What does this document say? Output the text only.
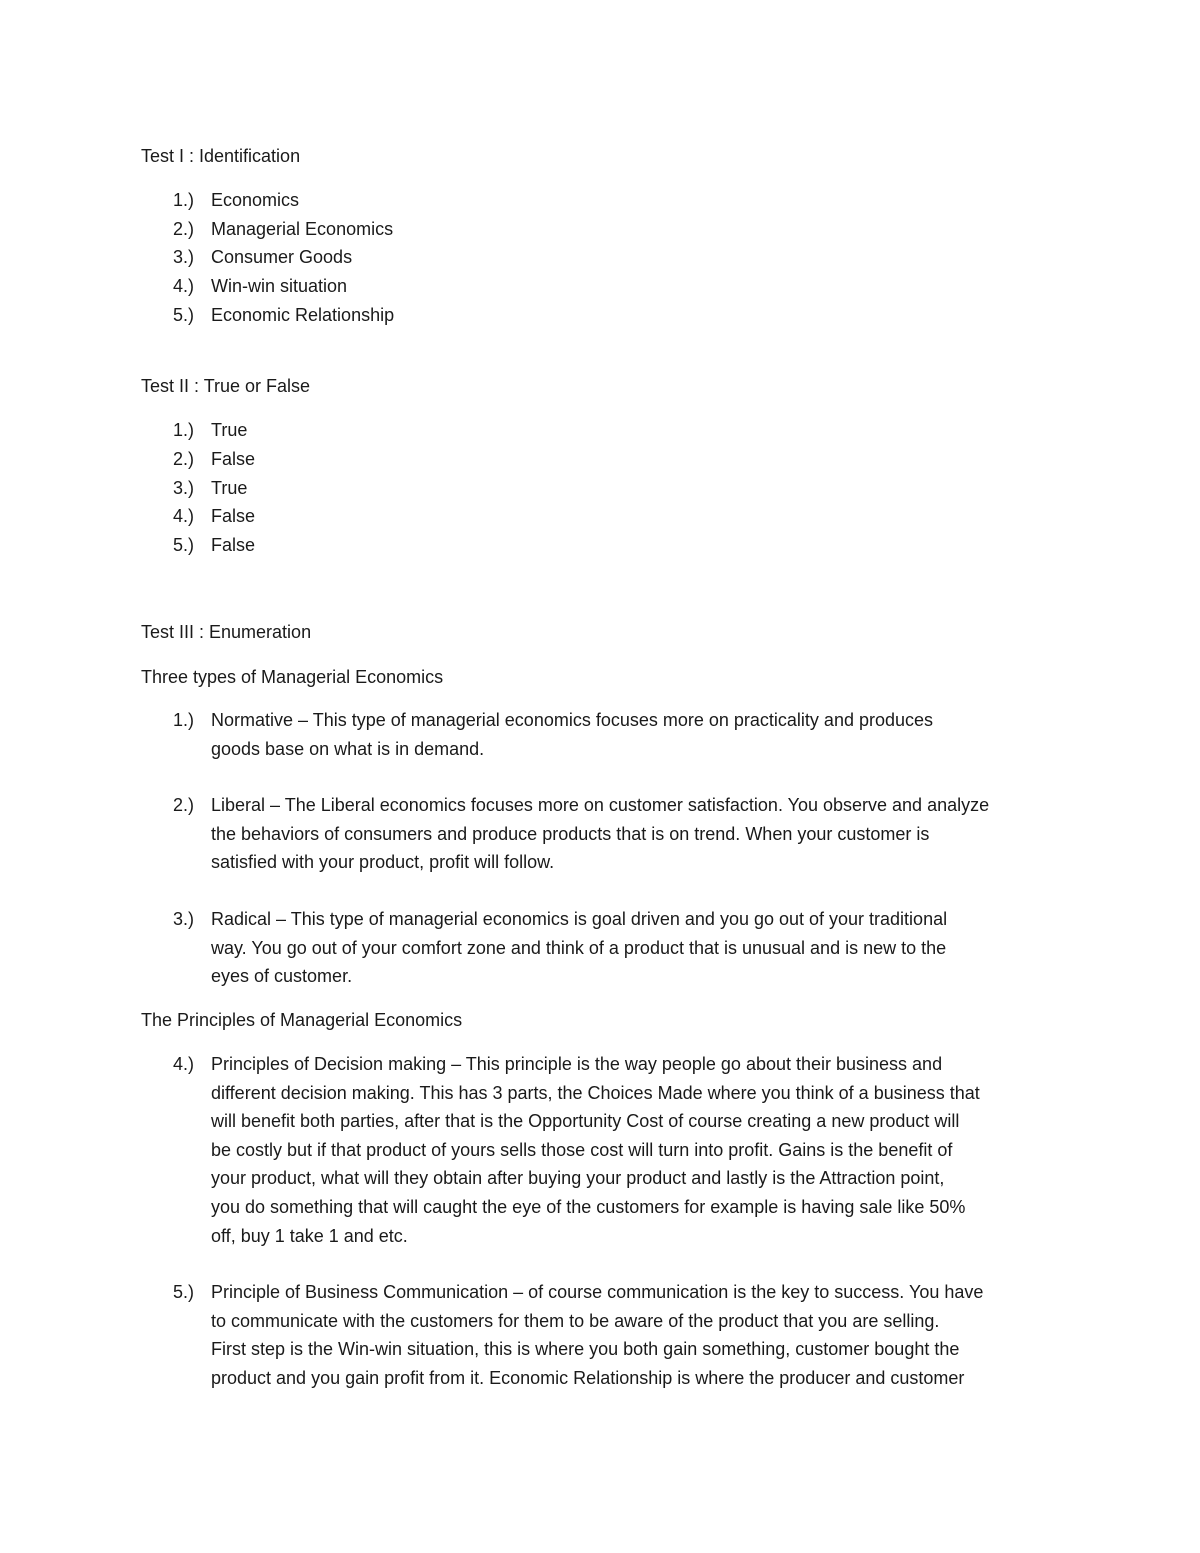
Test I : Identification
1.) Economics
2.) Managerial Economics
3.) Consumer Goods
4.) Win-win situation
5.) Economic Relationship
Test II : True or False
1.) True
2.) False
3.) True
4.) False
5.) False
Test III : Enumeration
Three types of Managerial Economics
1.) Normative – This type of managerial economics focuses more on practicality and produces
goods base on what is in demand.
2.) Liberal – The Liberal economics focuses more on customer satisfaction. You observe and analyze
the behaviors of consumers and produce products that is on trend. When your customer is
satisfied with your product, profit will follow.
3.) Radical – This type of managerial economics is goal driven and you go out of your traditional
way. You go out of your comfort zone and think of a product that is unusual and is new to the
eyes of customer.
The Principles of Managerial Economics
4.) Principles of Decision making – This principle is the way people go about their business and
different decision making. This has 3 parts, the Choices Made where you think of a business that
will benefit both parties, after that is the Opportunity Cost of course creating a new product will
be costly but if that product of yours sells those cost will turn into profit. Gains is the benefit of
your product, what will they obtain after buying your product and lastly is the Attraction point,
you do something that will caught the eye of the customers for example is having sale like 50%
off, buy 1 take 1 and etc.
5.) Principle of Business Communication – of course communication is the key to success. You have
to communicate with the customers for them to be aware of the product that you are selling.
First step is the Win-win situation, this is where you both gain something, customer bought the
product and you gain profit from it. Economic Relationship is where the producer and customer
